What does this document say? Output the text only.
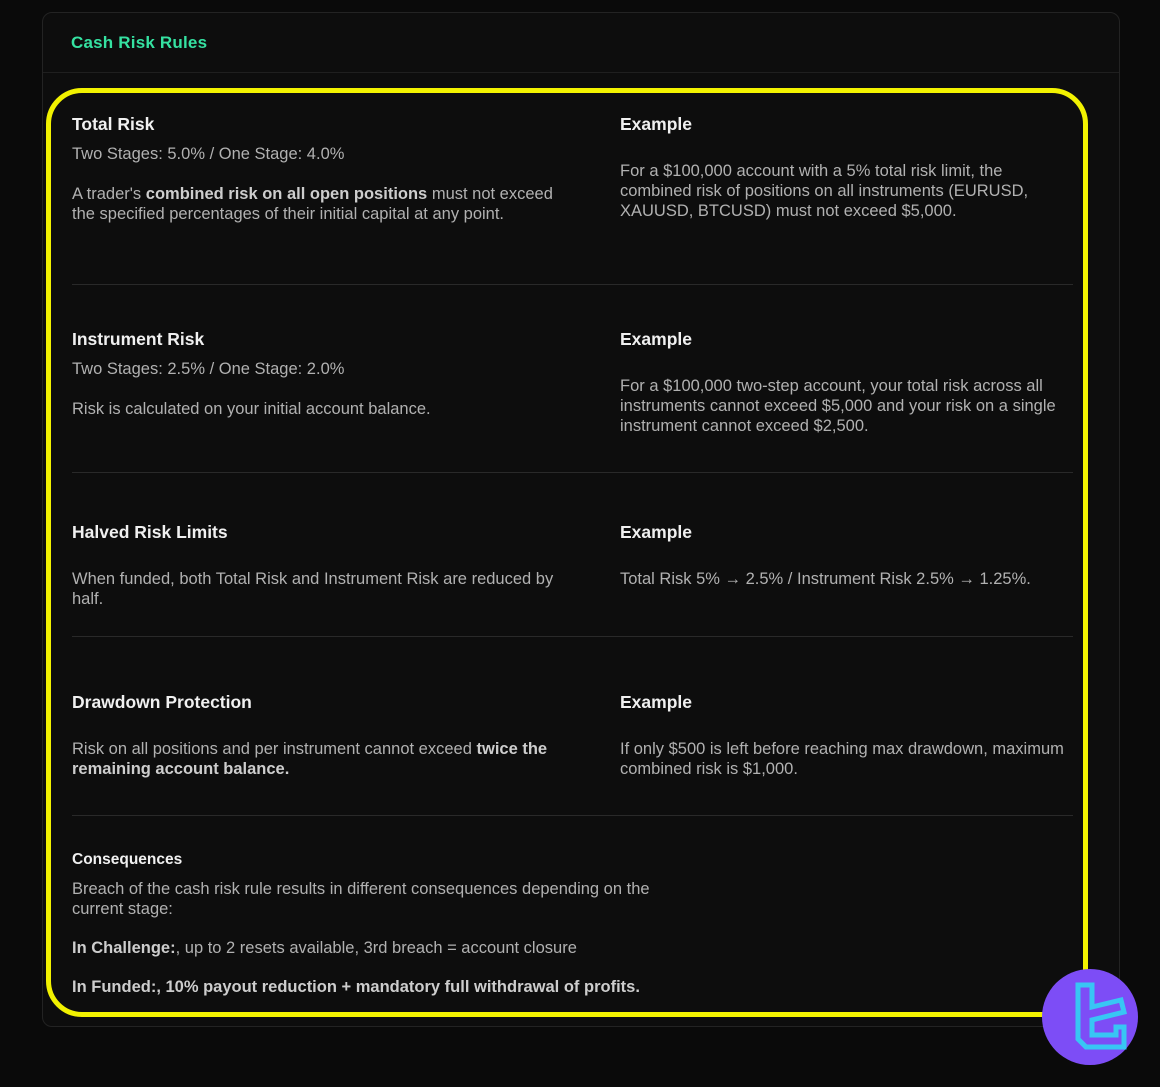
Cash Risk Rules
Total Risk
Two Stages: 5.0% / One Stage: 4.0%

A trader's combined risk on all open positions must not exceed the specified percentages of their initial capital at any point.

Example

For a $100,000 account with a 5% total risk limit, the combined risk of positions on all instruments (EURUSD, XAUUSD, BTCUSD) must not exceed $5,000.

Instrument Risk
Two Stages: 2.5% / One Stage: 2.0%

Risk is calculated on your initial account balance.

Example

For a $100,000 two-step account, your total risk across all instruments cannot exceed $5,000 and your risk on a single instrument cannot exceed $2,500.

Halved Risk Limits

When funded, both Total Risk and Instrument Risk are reduced by half.

Example

Total Risk 5% → 2.5% / Instrument Risk 2.5% → 1.25%.

Drawdown Protection

Risk on all positions and per instrument cannot exceed twice the remaining account balance.

Example

If only $500 is left before reaching max drawdown, maximum combined risk is $1,000.

Consequences

Breach of the cash risk rule results in different consequences depending on the current stage:

In Challenge:, up to 2 resets available, 3rd breach = account closure

In Funded:, 10% payout reduction + mandatory full withdrawal of profits.
